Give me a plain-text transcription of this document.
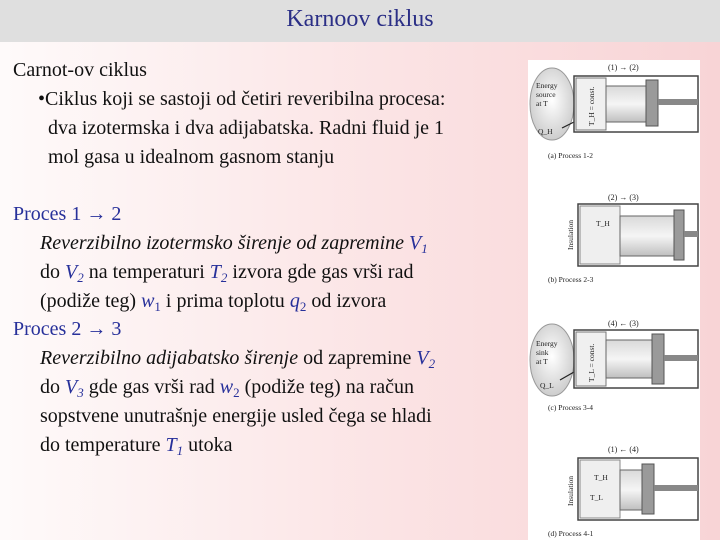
Karnoov ciklus
Carnot-ov ciklus
•Ciklus koji se sastoji od četiri reveribilna procesa:
dva izotermska i dva adijabatska. Radni fluid je 1
mol gasa u idealnom gasnom stanju
Proces 1 → 2
Reverzibilno izotermsko širenje od zapremine $V_1$
do $V_2$ na temperaturi $T_2$ izvora gde gas vrši rad
(podiže teg) $w_1$ i prima toplotu $q_2$ od izvora
Proces 2 → 3
Reverzibilno adijabatsko širenje od zapremine $V_2$
do $V_3$ gde gas vrši rad $w_2$ (podiže teg) na račun
sopstvene unutrašnje energije usled čega se hladi
do temperature $T_1$ utoka
(1) → (2)
Energy
source
at T
Q_H
T_H = const.
(a) Process 1-2
(2) → (3)
Insulation	T_H
(b) Process 2-3
(4) ← (3)
Energy
sink
at T
Q_L
T_L = const.
(c) Process 3-4
(1) ← (4)
Insulation	T_H
T_L
(d) Process 4-1
